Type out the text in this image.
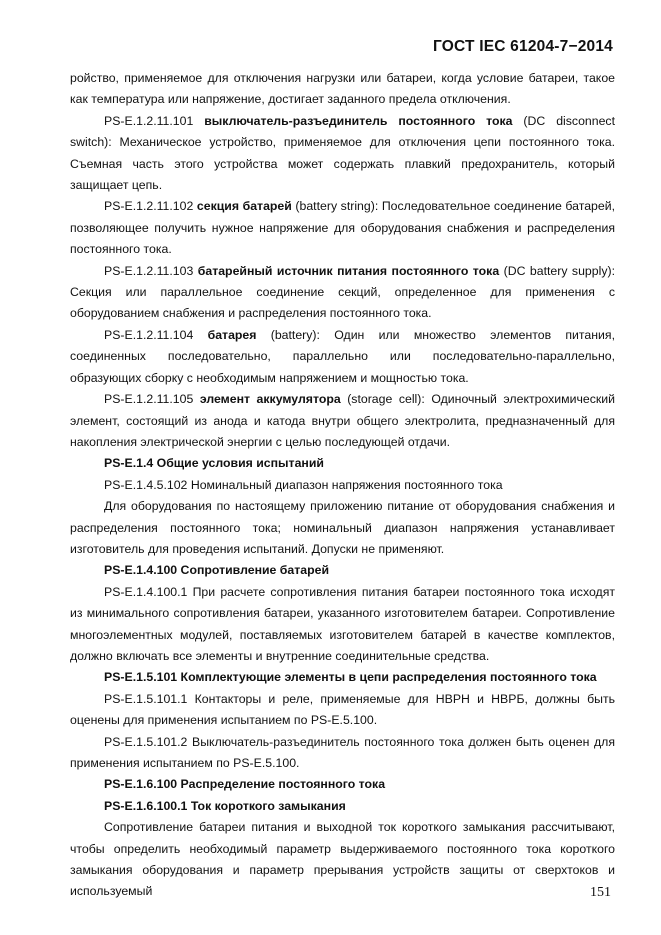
ГОСТ IEC 61204-7−2014

ройство, применяемое для отключения нагрузки или батареи, когда условие батареи, такое как температура или напряжение, достигает заданного предела отключения.

PS-E.1.2.11.101 выключатель-разъединитель постоянного тока (DC disconnect switch): Механическое устройство, применяемое для отключения цепи постоянного тока. Съемная часть этого устройства может содержать плавкий предохранитель, который защищает цепь.

PS-E.1.2.11.102 секция батарей (battery string): Последовательное соединение батарей, позволяющее получить нужное напряжение для оборудования снабжения и распределения постоянного тока.

PS-E.1.2.11.103 батарейный источник питания постоянного тока (DC battery supply): Секция или параллельное соединение секций, определенное для применения с оборудованием снабжения и распределения постоянного тока.

PS-E.1.2.11.104 батарея (battery): Один или множество элементов питания, соединенных последовательно, параллельно или последовательно-параллельно, образующих сборку с необходимым напряжением и мощностью тока.

PS-E.1.2.11.105 элемент аккумулятора (storage cell): Одиночный электрохимический элемент, состоящий из анода и катода внутри общего электролита, предназначенный для накопления электрической энергии с целью последующей отдачи.

PS-E.1.4 Общие условия испытаний

PS-E.1.4.5.102 Номинальный диапазон напряжения постоянного тока

Для оборудования по настоящему приложению питание от оборудования снабжения и распределения постоянного тока; номинальный диапазон напряжения устанавливает изготовитель для проведения испытаний. Допуски не применяют.

PS-E.1.4.100 Сопротивление батарей

PS-E.1.4.100.1 При расчете сопротивления питания батареи постоянного тока исходят из минимального сопротивления батареи, указанного изготовителем батареи. Сопротивление многоэлементных модулей, поставляемых изготовителем батарей в качестве комплектов, должно включать все элементы и внутренние соединительные средства.

PS-E.1.5.101 Комплектующие элементы в цепи распределения постоянного тока

PS-E.1.5.101.1 Контакторы и реле, применяемые для НВРН и НВРБ, должны быть оценены для применения испытанием по PS-E.5.100.

PS-E.1.5.101.2 Выключатель-разъединитель постоянного тока должен быть оценен для применения испытанием по PS-E.5.100.

PS-E.1.6.100 Распределение постоянного тока

PS-E.1.6.100.1 Ток короткого замыкания

Сопротивление батареи питания и выходной ток короткого замыкания рассчитывают, чтобы определить необходимый параметр выдерживаемого постоянного тока короткого замыкания оборудования и параметр прерывания устройств защиты от сверхтоков и используемый	151
